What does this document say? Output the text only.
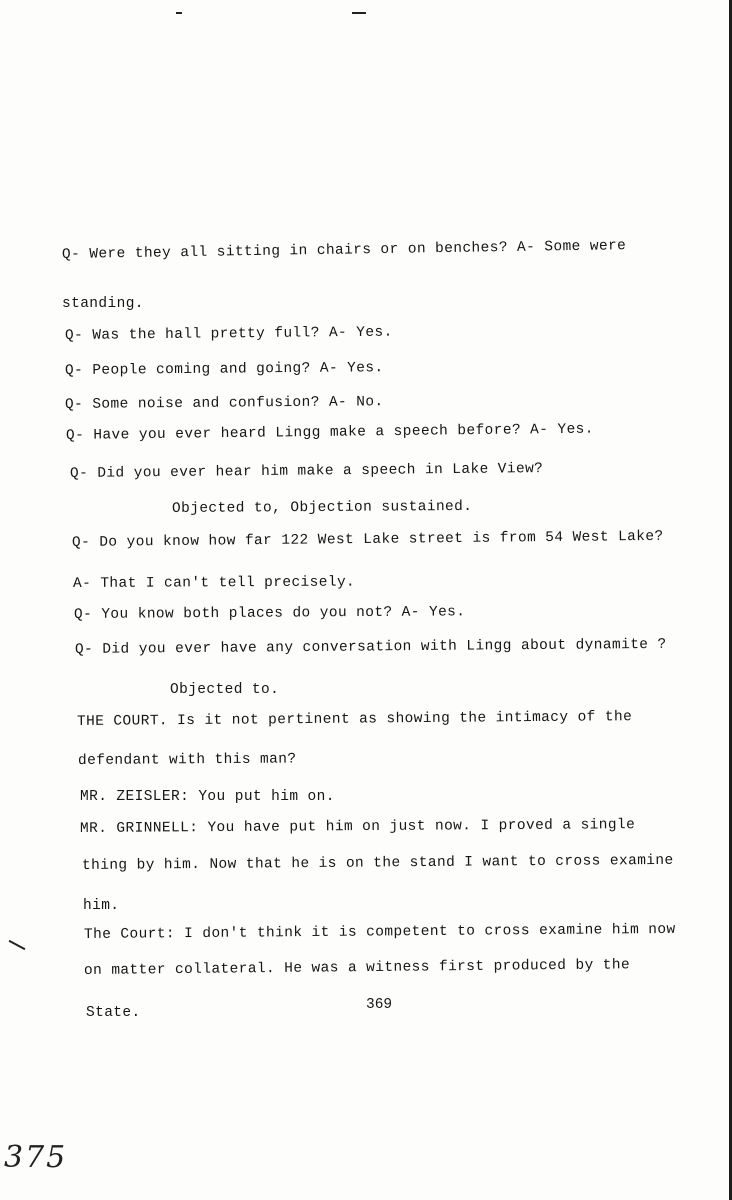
Q- Were they all sitting in chairs or on benches? A- Some were
standing.
Q- Was the hall pretty full? A- Yes.
Q- People coming and going? A- Yes.
Q- Some noise and confusion? A- No.
Q- Have you ever heard Lingg make a speech before? A- Yes.
Q- Did you ever hear him make a speech in Lake View?
Objected to, Objection sustained.
Q- Do you know how far 122 West Lake street is from 54 West Lake?
A- That I can't tell precisely.
Q- You know both places do you not? A- Yes.
Q- Did you ever have any conversation with Lingg about dynamite ?
Objected to.
THE COURT. Is it not pertinent as showing the intimacy of the
defendant with this man?
MR. ZEISLER: You put him on.
MR. GRINNELL: You have put him on just now. I proved a single
thing by him. Now that he is on the stand I want to cross examine
him.
The Court: I don't think it is competent to cross examine him now
on matter collateral. He was a witness first produced by the
State.	369
375
